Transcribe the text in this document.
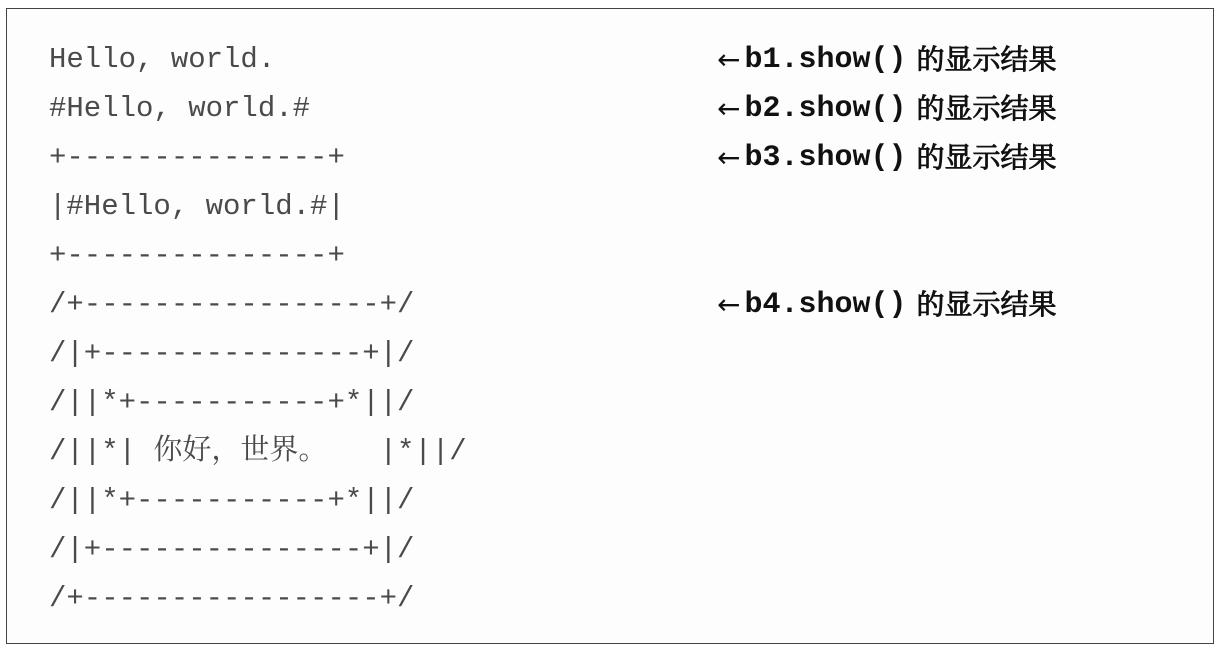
Hello, world.
#Hello, world.#
+---------------+
|#Hello, world.#|
+---------------+
/+-----------------+/
/|+---------------+|/
/||*+-----------+*||/
/||*| 你好，世界。   |*||/
/||*+-----------+*||/
/|+---------------+|/
/+-----------------+/
← b1.show() 的显示结果
← b2.show() 的显示结果
← b3.show() 的显示结果
← b4.show() 的显示结果
